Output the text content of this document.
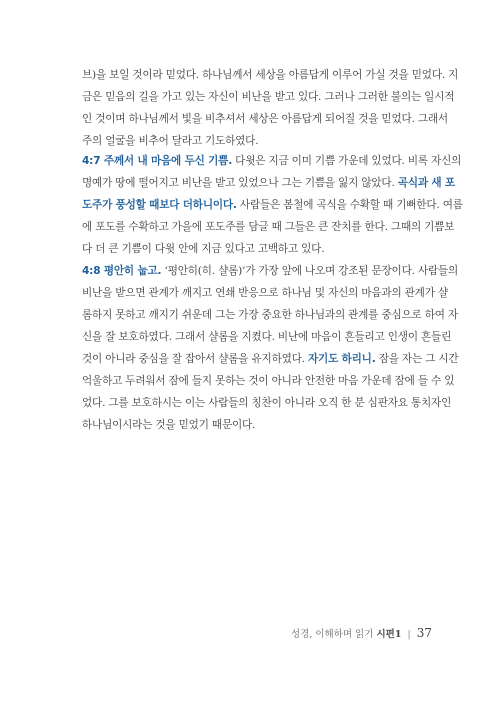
브)을 보일 것이라 믿었다. 하나님께서 세상을 아름답게 이루어 가실 것을 믿었다. 지
금은 믿음의 길을 가고 있는 자신이 비난을 받고 있다. 그러나 그러한 불의는 일시적
인 것이며 하나님께서 빛을 비추셔서 세상은 아름답게 되어질 것을 믿었다. 그래서
주의 얼굴을 비추어 달라고 기도하였다.
4:7 주께서 내 마음에 두신 기쁨. 다윗은 지금 이미 기쁨 가운데 있었다. 비록 자신의
명예가 땅에 떨어지고 비난을 받고 있었으나 그는 기쁨을 잃지 않았다. 곡식과 새 포
도주가 풍성할 때보다 더하니이다. 사람들은 봄철에 곡식을 수확할 때 기뻐한다. 여름
에 포도를 수확하고 가을에 포도주를 담글 때 그들은 큰 잔치를 한다. 그때의 기쁨보
다 더 큰 기쁨이 다윗 안에 지금 있다고 고백하고 있다.
4:8 평안히 눕고. ‘평안히(히. 샬롬)’가 가장 앞에 나오며 강조된 문장이다. 사람들의
비난을 받으면 관계가 깨지고 연쇄 반응으로 하나님 및 자신의 마음과의 관계가 샬
롬하지 못하고 깨지기 쉬운데 그는 가장 중요한 하나님과의 관계를 중심으로 하여 자
신을 잘 보호하였다. 그래서 샬롬을 지켰다. 비난에 마음이 흔들리고 인생이 흔들린
것이 아니라 중심을 잘 잡아서 샬롬을 유지하였다. 자기도 하리니. 잠을 자는 그 시간
억울하고 두려워서 잠에 들지 못하는 것이 아니라 안전한 마음 가운데 잠에 들 수 있
었다. 그를 보호하시는 이는 사람들의 칭찬이 아니라 오직 한 분 심판자요 통치자인
하나님이시라는 것을 믿었기 때문이다.
성경, 이해하며 읽기 시편1 | 37
